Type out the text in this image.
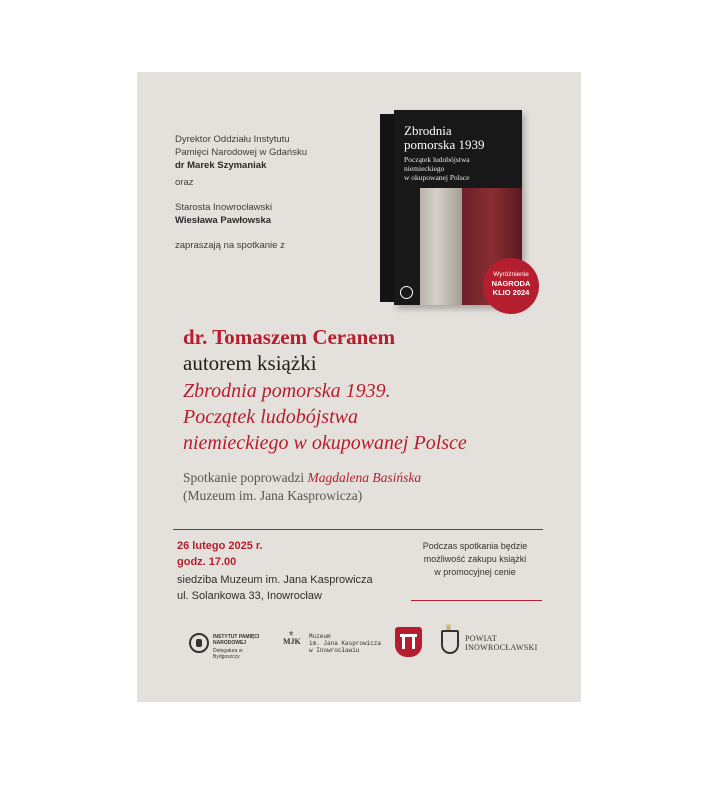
Dyrektor Oddziału Instytutu
Pamięci Narodowej w Gdańsku
dr Marek Szymaniak
oraz
Starosta Inowrocławski
Wiesława Pawłowska
zapraszają na spotkanie z
Zbrodnia
pomorska 1939
Początek ludobójstwa
niemieckiego
w okupowanej Polsce
Wyróżnienie
NAGRODA
KLIO 2024
dr. Tomaszem Ceranem
autorem książki
Zbrodnia pomorska 1939.
Początek ludobójstwa
niemieckiego w okupowanej Polsce
Spotkanie poprowadzi Magdalena Basińska
(Muzeum im. Jana Kasprowicza)
26 lutego 2025 r.
godz. 17.00
siedziba Muzeum im. Jana Kasprowicza
ul. Solankowa 33, Inowrocław
Podczas spotkania będzie
możliwość zakupu książki
w promocyjnej cenie
INSTYTUT PAMIĘCI
NARODOWEJ
Delegatura w Bydgoszczy
MJK
⚜ Muzeum
im. Jana Kasprowicza
w Inowrocławiu
♛
POWIAT
INOWROCŁAWSKI
